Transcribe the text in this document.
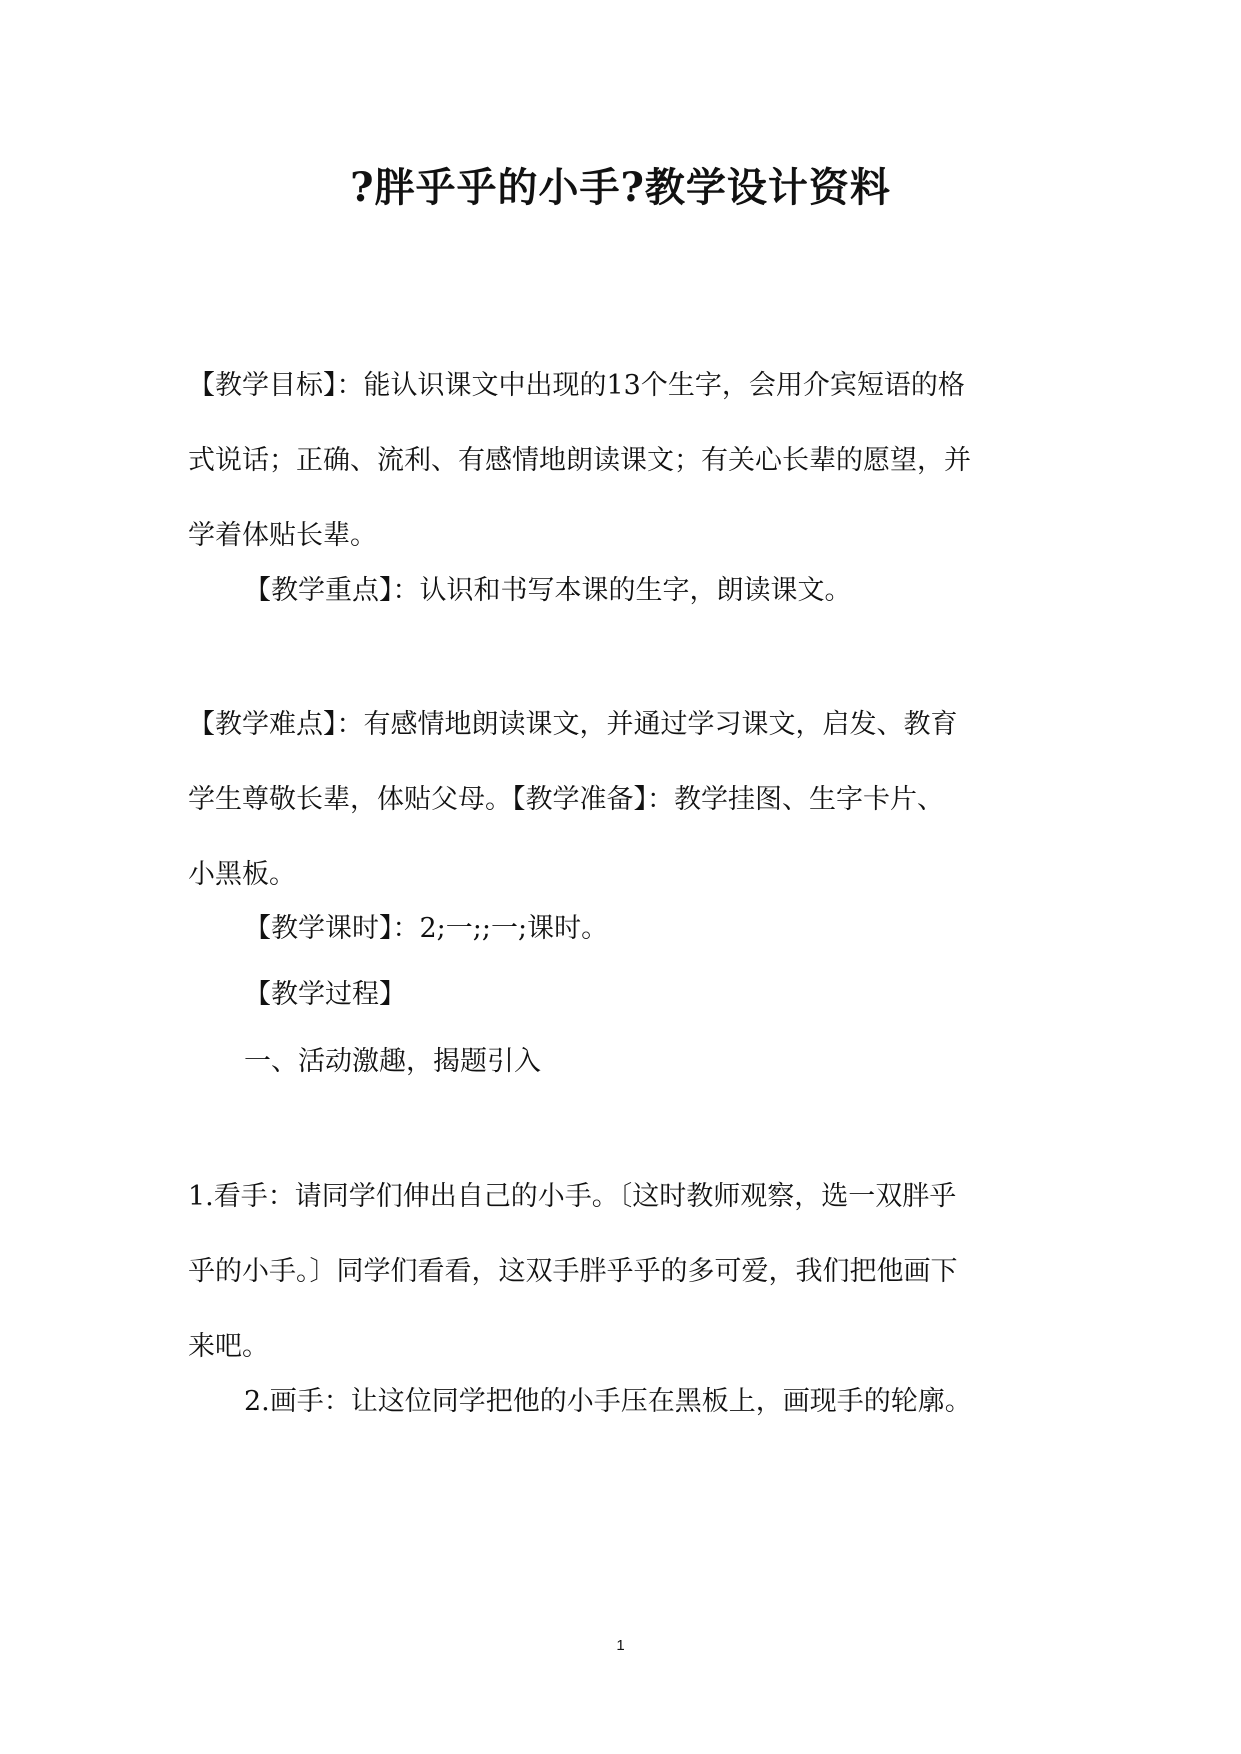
?胖乎乎的小手?教学设计资料
【教学目标】：能认识课文中出现的13个生字，会用介宾短语的格
式说话；正确、流利、有感情地朗读课文；有关心长辈的愿望，并
学着体贴长辈。
【教学重点】：认识和书写本课的生字，朗读课文。
【教学难点】：有感情地朗读课文，并通过学习课文，启发、教育
学生尊敬长辈，体贴父母。【教学准备】：教学挂图、生字卡片、
小黑板。
【教学课时】：2;一;;一;课时。
【教学过程】
一、活动激趣，揭题引入
1.看手：请同学们伸出自己的小手。〔这时教师观察，选一双胖乎
乎的小手。〕同学们看看，这双手胖乎乎的多可爱，我们把他画下
来吧。
2.画手：让这位同学把他的小手压在黑板上，画现手的轮廓。
1
